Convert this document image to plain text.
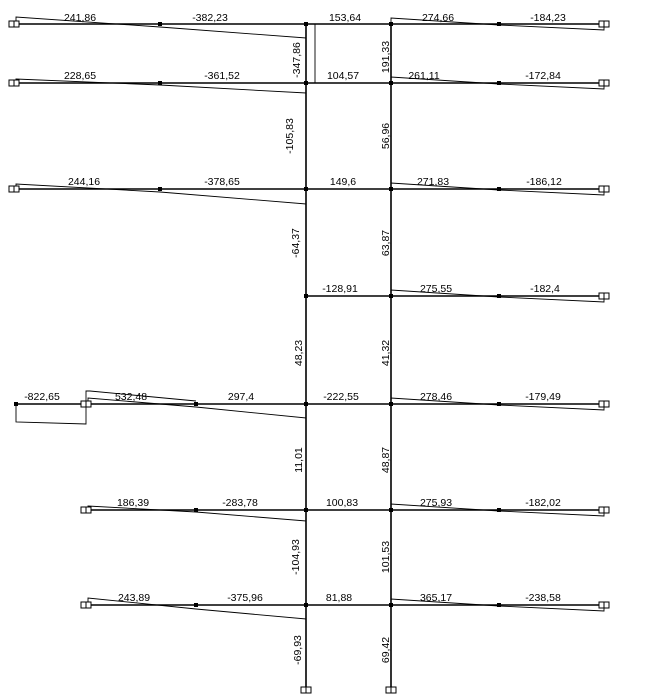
241,86	-382,23	153,64	274,66	-184,23
228,65	-361,52	104,57	261,11	-172,84
244,16	-378,65	149,6	271,83	-186,12
-128,91	275,55	-182,4
-822,65	532,48	297,4	-222,55	278,46	-179,49
186,39	-283,78	100,83	275,93	-182,02
243,89	-375,96	81,88	365,17	-238,58
-347,86	191,33
-105,83	56,96
-64,37	63,87
48,23	41,32
11,01	48,87
-104,93	101,53
-69,93	69,42
